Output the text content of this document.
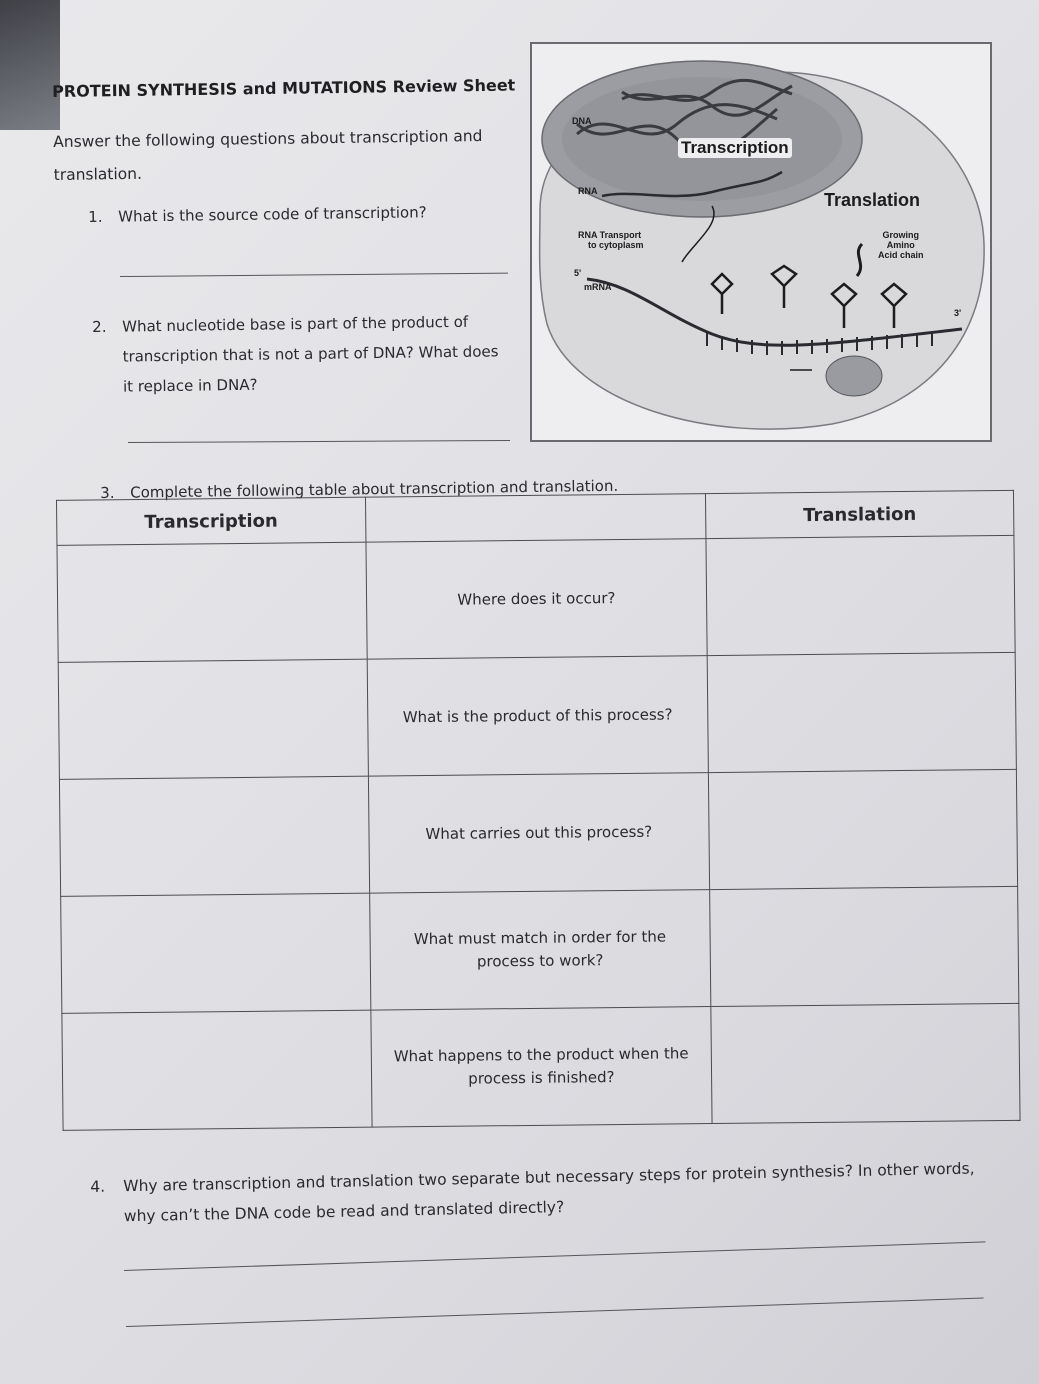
PROTEIN SYNTHESIS and MUTATIONS Review Sheet
Answer the following questions about transcription and translation.
1. What is the source code of transcription?
2.	What nucleotide base is part of the product of transcription that is not a part of DNA? What does it replace in DNA?
DNA
Transcription
RNA	Translation
RNA Transport
to cytoplasm
5'
mRNA
Growing
Amino
Acid chain
3'
3. Complete the following table about transcription and translation.
Transcription		Translation
	Where does it occur?	
	What is the product of this process?	
	What carries out this process?	
	What must match in order for the process to work?	
	What happens to the product when the process is finished?	
4. Why are transcription and translation two separate but necessary steps for protein synthesis? In other words,
why can’t the DNA code be read and translated directly?
